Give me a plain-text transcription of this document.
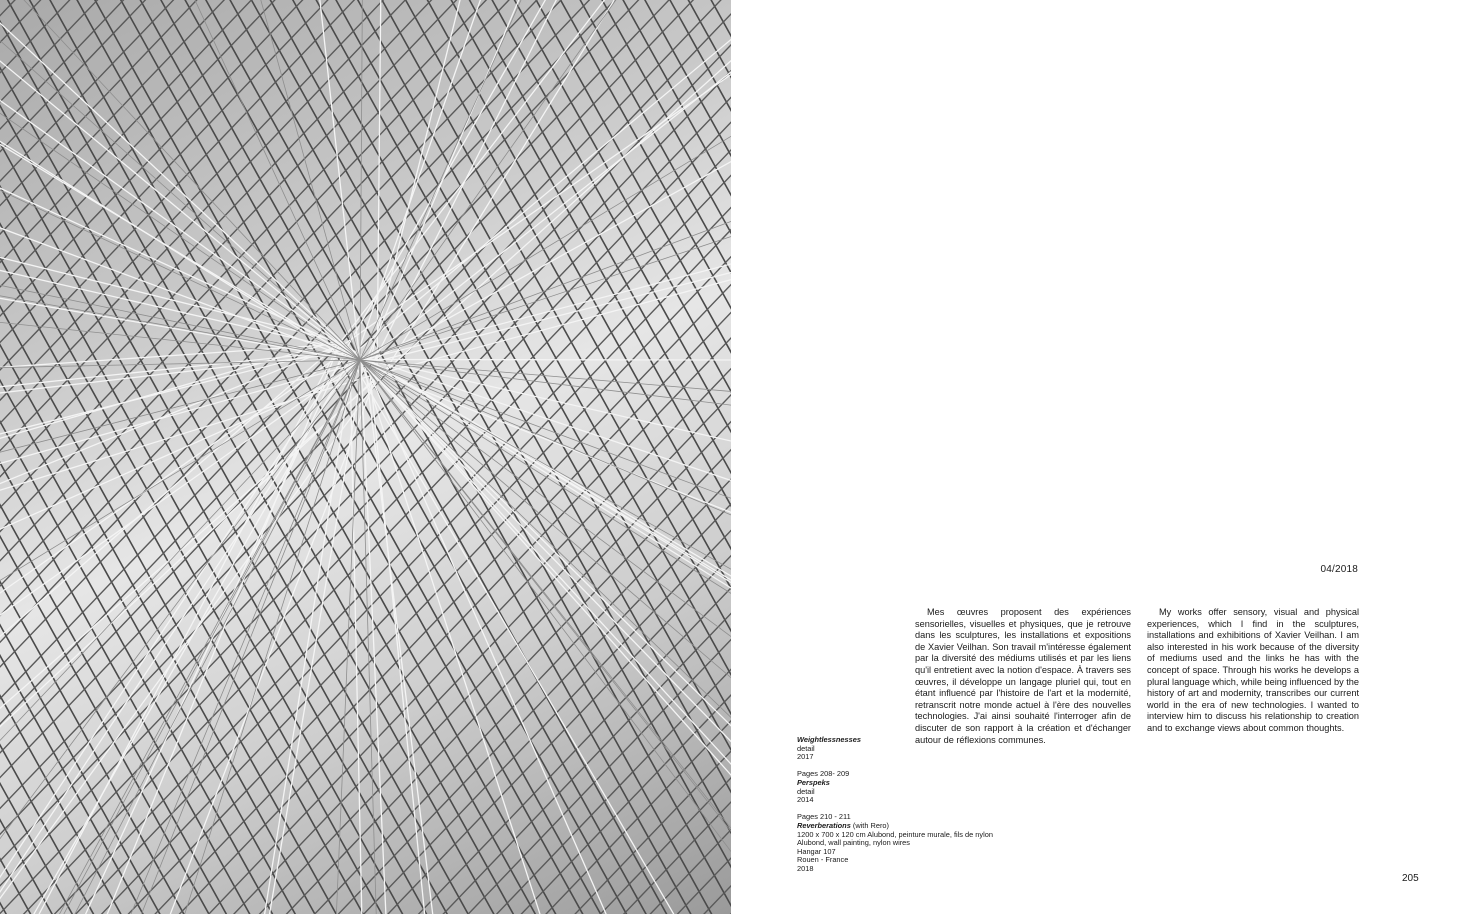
04/2018

Mes œuvres proposent des expériences sensorielles, visuelles et physiques, que je retrouve dans les sculptures, les installations et expositions de Xavier Veilhan. Son travail m'intéresse également par la diversité des médiums utilisés et par les liens qu'il entretient avec la notion d'espace. À travers ses œuvres, il développe un langage pluriel qui, tout en étant influencé par l'histoire de l'art et la modernité, retranscrit notre monde actuel à l'ère des nouvelles technologies. J'ai ainsi souhaité l'interroger afin de discuter de son rapport à la création et d'échanger autour de réflexions communes.

My works offer sensory, visual and physical experiences, which I find in the sculptures, installations and exhibitions of Xavier Veilhan. I am also interested in his work because of the diversity of mediums used and the links he has with the concept of space. Through his works he develops a plural language which, while being influenced by the history of art and modernity, transcribes our current world in the era of new technologies. I wanted to interview him to discuss his relationship to creation and to exchange views about common thoughts.

Weightlessnesses
detail
2017
Pages 208- 209
Perspeks
detail
2014
Pages 210 - 211
Reverberations (with Rero)
1200 x 700 x 120 cm Alubond, peinture murale, fils de nylon
Alubond, wall painting, nylon wires
Hangar 107
Rouen - France
2018

205
